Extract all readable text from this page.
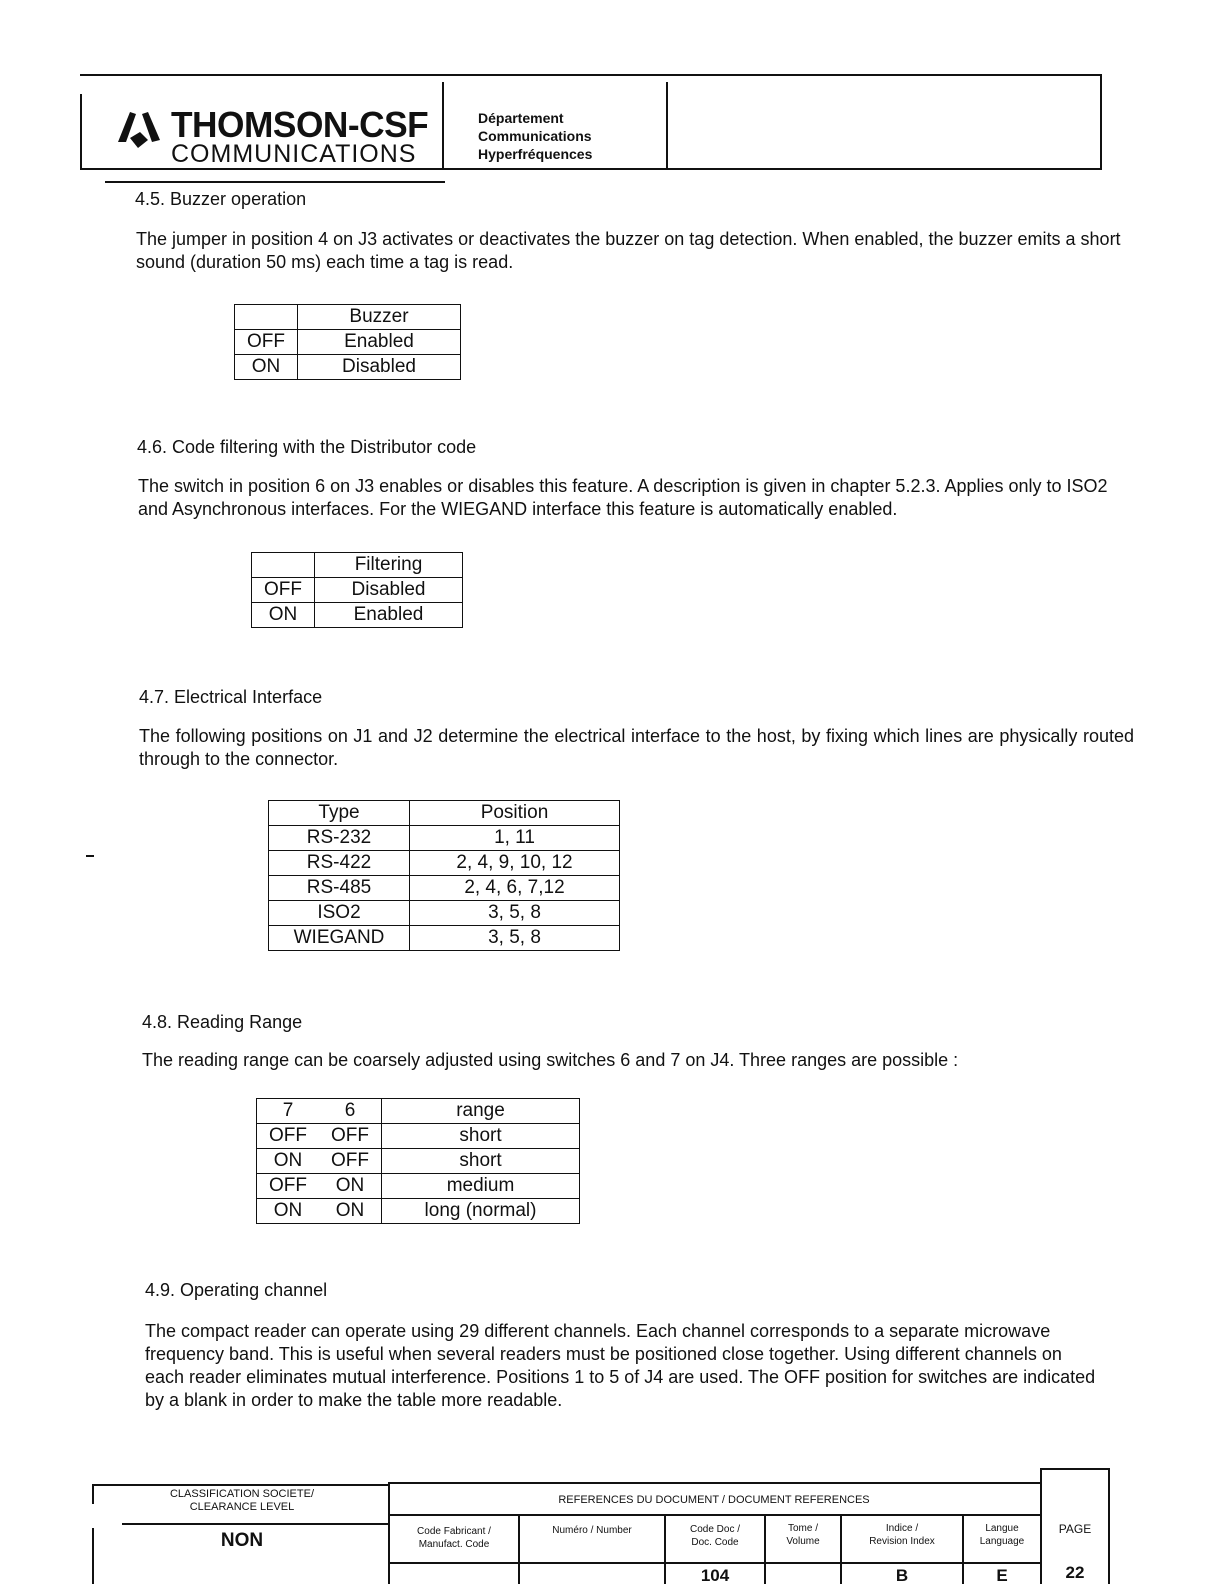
THOMSON-CSF
COMMUNICATIONS
Département
Communications
Hyperfréquences
4.5. Buzzer operation
The jumper in position 4 on J3 activates or deactivates the buzzer on tag detection. When enabled, the buzzer emits a short sound (duration 50 ms) each time a tag is read.
	Buzzer
OFF	Enabled
ON	Disabled
4.6. Code filtering with the Distributor code
The switch in position 6 on J3 enables or disables this feature. A description is given in chapter 5.2.3. Applies only to ISO2 and Asynchronous interfaces. For the WIEGAND interface this feature is automatically enabled.
	Filtering
OFF	Disabled
ON	Enabled
4.7. Electrical Interface
The following positions on J1 and J2 determine the electrical interface to the host, by fixing which lines are physically routed through to the connector.
Type	Position
RS-232	1, 11
RS-422	2, 4, 9, 10, 12
RS-485	2, 4, 6, 7,12
ISO2	3, 5, 8
WIEGAND	3, 5, 8
4.8. Reading Range
The reading range can be coarsely adjusted using switches 6 and 7 on J4. Three ranges are possible :
7	6	range
OFF	OFF	short
ON	OFF	short
OFF	ON	medium
ON	ON	long (normal)
4.9. Operating channel
The compact reader can operate using 29 different channels. Each channel corresponds to a separate microwave frequency band. This is useful when several readers must be positioned close together. Using different channels on each reader eliminates mutual interference. Positions 1 to 5 of J4 are used. The OFF position for switches are indicated by a blank in order to make the table more readable.
CLASSIFICATION SOCIETE/
CLEARANCE LEVEL
NON
REFERENCES DU DOCUMENT / DOCUMENT REFERENCES
Code Fabricant /
Manufact. Code
Numéro / Number	Code Doc /
Doc. Code
Tome /
Volume
Indice /
Revision Index
Langue
Language
PAGE
104	B	E	22
